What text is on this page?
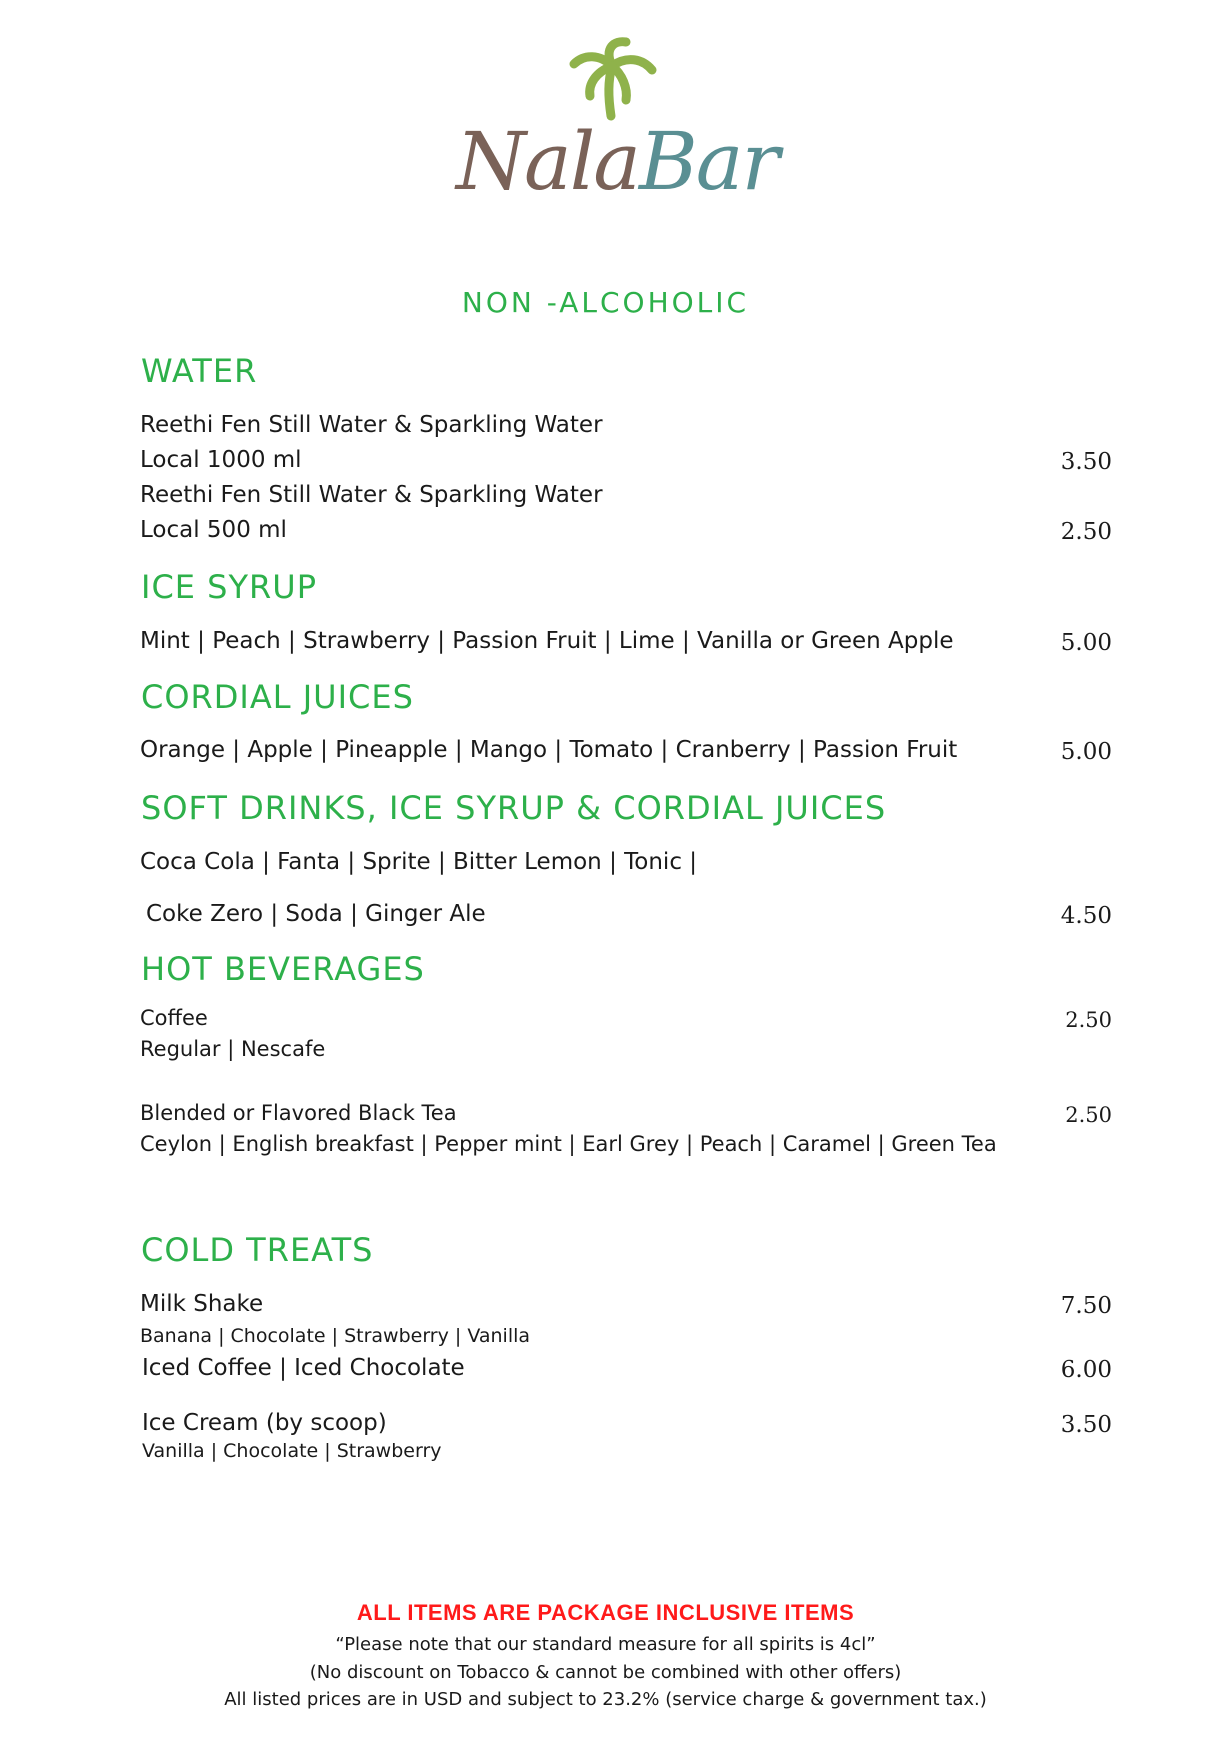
NalaBar
NON -ALCOHOLIC
WATER
Reethi Fen Still Water & Sparkling Water
Local 1000 ml	3.50
Reethi Fen Still Water & Sparkling Water
Local 500 ml	2.50
ICE SYRUP
Mint | Peach | Strawberry | Passion Fruit | Lime | Vanilla or Green Apple	5.00
CORDIAL JUICES
Orange | Apple | Pineapple | Mango | Tomato | Cranberry | Passion Fruit	5.00
SOFT DRINKS, ICE SYRUP & CORDIAL JUICES
Coca Cola | Fanta | Sprite | Bitter Lemon | Tonic |
Coke Zero | Soda | Ginger Ale	4.50
HOT BEVERAGES
Coffee	2.50
Regular | Nescafe
Blended or Flavored Black Tea	2.50
Ceylon | English breakfast | Pepper mint | Earl Grey | Peach | Caramel | Green Tea
COLD TREATS
Milk Shake	7.50
Banana | Chocolate | Strawberry | Vanilla
Iced Coffee | Iced Chocolate	6.00
Ice Cream (by scoop)	3.50
Vanilla | Chocolate | Strawberry
ALL ITEMS ARE PACKAGE INCLUSIVE ITEMS
“Please note that our standard measure for all spirits is 4cl”
(No discount on Tobacco & cannot be combined with other offers)
All listed prices are in USD and subject to 23.2% (service charge & government tax.)
